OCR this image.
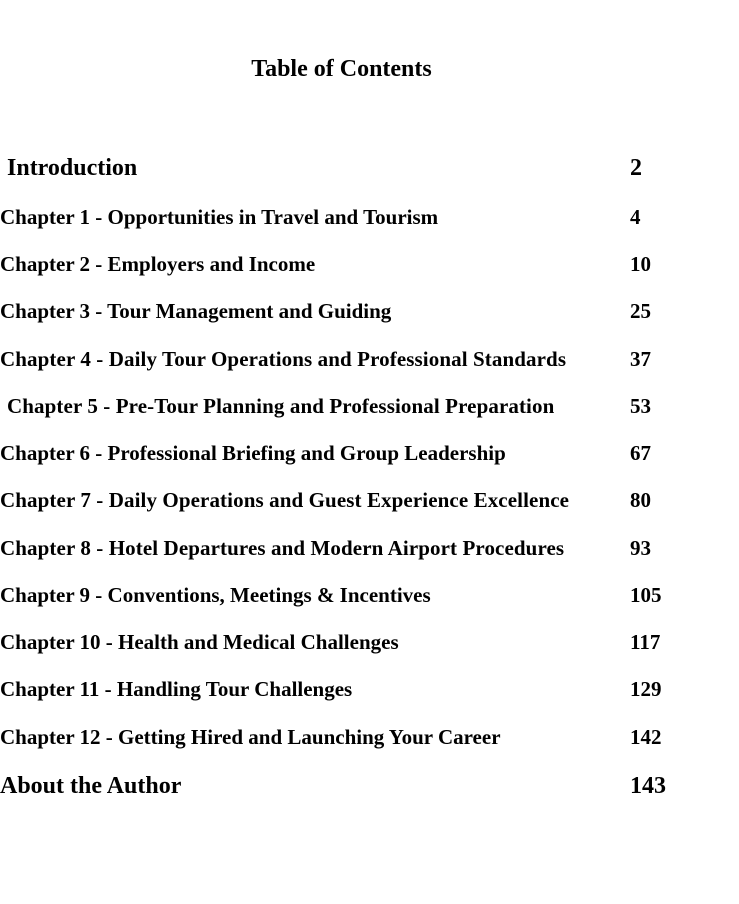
Table of Contents
Introduction	2
Chapter 1 - Opportunities in Travel and Tourism	4
Chapter 2 - Employers and Income	10
Chapter 3 - Tour Management and Guiding	25
Chapter 4 - Daily Tour Operations and Professional Standards	37
Chapter 5 - Pre-Tour Planning and Professional Preparation	53
Chapter 6 - Professional Briefing and Group Leadership	67
Chapter 7 - Daily Operations and Guest Experience Excellence	80
Chapter 8 - Hotel Departures and Modern Airport Procedures	93
Chapter 9 - Conventions, Meetings & Incentives	105
Chapter 10 - Health and Medical Challenges	117
Chapter 11 - Handling Tour Challenges	129
Chapter 12 - Getting Hired and Launching Your Career	142
About the Author	143
